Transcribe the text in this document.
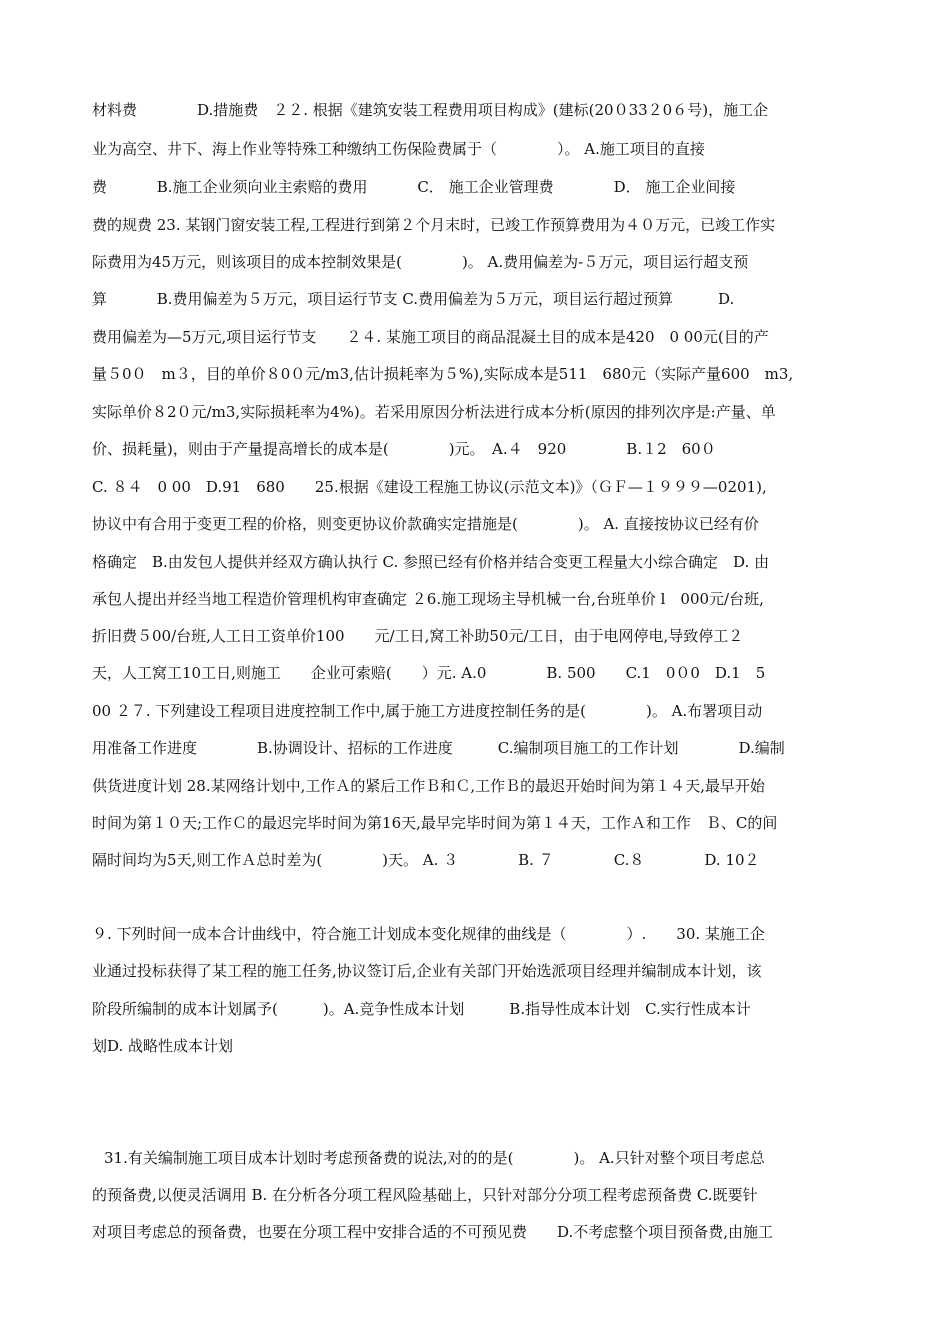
材料费　　　　D.措施费　２２. 根据《建筑安装工程费用项目构成》(建标(20０33２0６号)，施工企
业为高空、井下、海上作业等特殊工种缴纳工伤保险费属于（　　　　）。 A.施工项目的直接
费　　　 B.施工企业须向业主索赔的费用　　　 C． 施工企业管理费　　　　D． 施工企业间接
费的规费 23. 某钢门窗安装工程,工程进行到第２个月末时，已竣工作预算费用为４０万元，已竣工作实
际费用为45万元，则该项目的成本控制效果是(　　　　)。 A.费用偏差为-５万元，项目运行超支预
算　　　 B.费用偏差为５万元，项目运行节支 C.费用偏差为５万元，项目运行超过预算　　　D.
费用偏差为—5万元,项目运行节支　　２４. 某施工项目的商品混凝土目的成本是420　0 00元(目的产
量５0０　m３，目的单价８0０元/m3,估计损耗率为５%),实际成本是511　680元（实际产量600　m3,
实际单价８2０元/m3,实际损耗率为4%)。若采用原因分析法进行成本分析(原因的排列次序是:产量、单
价、损耗量)，则由于产量提高增长的成本是(　　　　)元。　A.４　920　　　　B.１2　60０
C. ８４　0 00　D.91　680　　25.根据《建设工程施工协议(示范文本)》（ＧＦ—１９９９—0201),
协议中有合用于变更工程的价格，则变更协议价款确实定措施是(　　　　)。 A. 直接按协议已经有价
格确定　B.由发包人提供并经双方确认执行 C. 参照已经有价格并结合变更工程量大小综合确定　D. 由
承包人提出并经当地工程造价管理机构审查确定 ２6.施工现场主导机械一台,台班单价 l　000元/台班,
折旧费５00/台班,人工日工资单价100　　元/工日,窝工补助50元/工日，由于电网停电,导致停工２
天，人工窝工10工日,则施工　　企业可索赔(　　）元. A.0　　　　B. 500　　C.1　0０0　D.1　5
00 ２７. 下列建设工程项目进度控制工作中,属于施工方进度控制任务的是(　　　　)。 A.布署项目动
用准备工作进度　　　　B.协调设计、招标的工作进度　　　C.编制项目施工的工作计划　　　　D.编制
供货进度计划 28.某网络计划中,工作Ａ的紧后工作Ｂ和Ｃ,工作Ｂ的最迟开始时间为第１４天,最早开始
时间为第１０天;工作Ｃ的最迟完毕时间为第16天,最早完毕时间为第１４天，工作Ａ和工作　Ｂ、C的间
隔时间均为5天,则工作Ａ总时差为(　　　　)天。 A. ３　　　　B. ７　　　　C.８　　　　D. 10２
９. 下列时间一成本合计曲线中，符合施工计划成本变化规律的曲线是（　　　　）.　　30. 某施工企
业通过投标获得了某工程的施工任务,协议签订后,企业有关部门开始选派项目经理并编制成本计划，该
阶段所编制的成本计划属予(　　　)。A.竞争性成本计划　　　B.指导性成本计划　C.实行性成本计
划D. 战略性成本计划
31.有关编制施工项目成本计划时考虑预备费的说法,对的的是(　　　　)。 A.只针对整个项目考虑总
的预备费,以便灵活调用 B. 在分析各分项工程风险基础上，只针对部分分项工程考虑预备费 C.既要针
对项目考虑总的预备费，也要在分项工程中安排合适的不可预见费　　D.不考虑整个项目预备费,由施工
